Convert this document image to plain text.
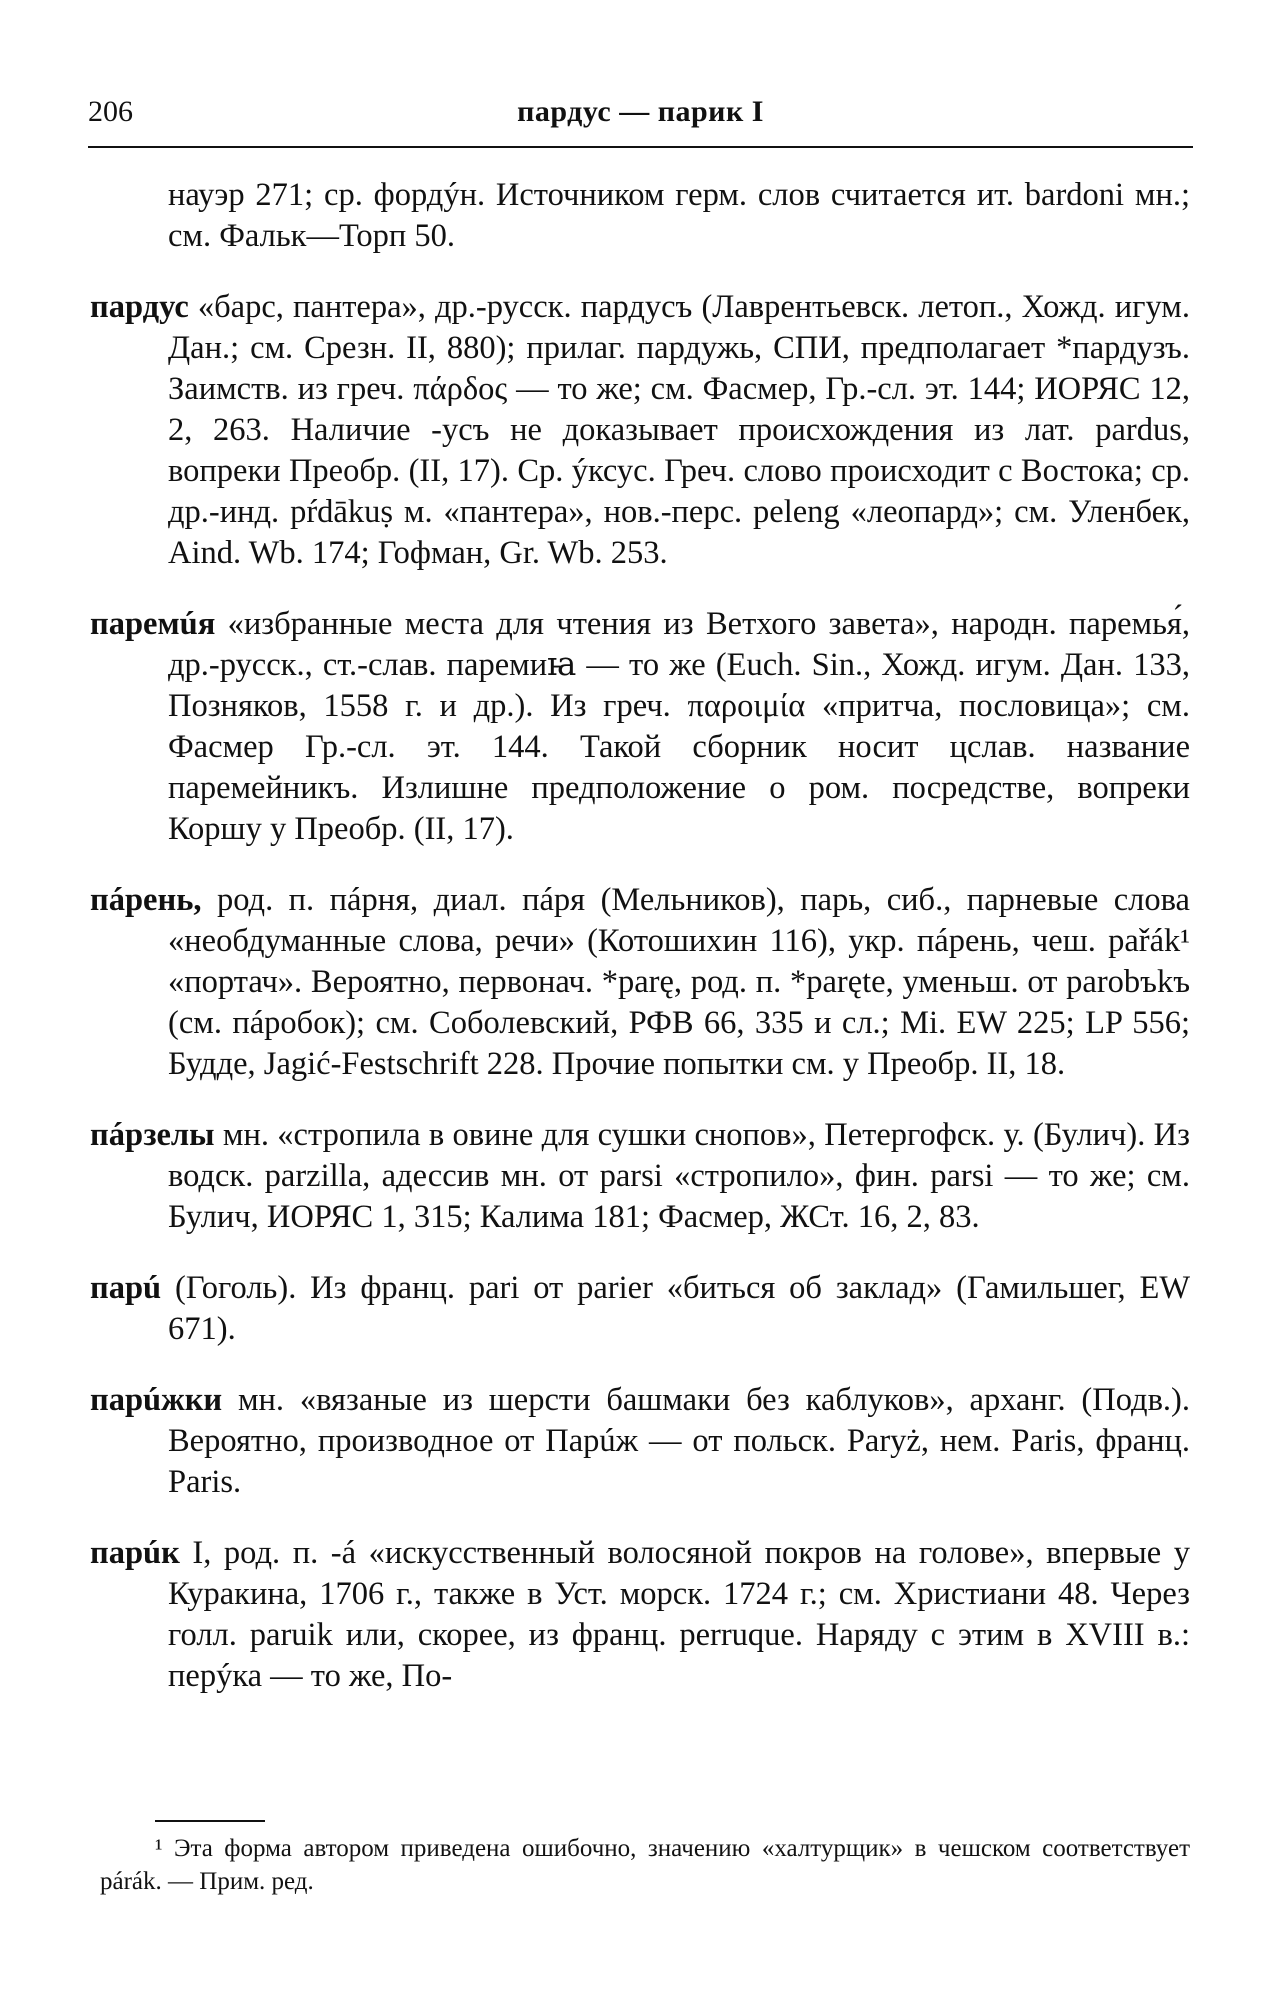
206	пардус — парик I

науэр 271; ср. фордýн. Источником герм. слов считается ит. bardoni мн.; см. Фальк—Торп 50.

пардус «барс, пантера», др.-русск. пардусъ (Лаврентьевск. летоп., Хожд. игум. Дан.; см. Срезн. II, 880); прилаг. пардужь, СПИ, предполагает *пардузъ. Заимств. из греч. πάρδος — то же; см. Фасмер, Гр.-сл. эт. 144; ИОРЯС 12, 2, 263. Наличие -усъ не доказывает происхождения из лат. pardus, вопреки Преобр. (II, 17). Ср. ýксус. Греч. слово происходит с Востока; ср. др.-инд. pŕdākuṣ м. «пантера», нов.-перс. peleng «леопард»; см. Уленбек, Aind. Wb. 174; Гофман, Gr. Wb. 253.

паремúя «избранные места для чтения из Ветхого завета», народн. паремья́, др.-русск., ст.-слав. паремиꙗ — то же (Euch. Sin., Хожд. игум. Дан. 133, Позняков, 1558 г. и др.). Из греч. παροιμία «притча, пословица»; см. Фасмер Гр.-сл. эт. 144. Такой сборник носит цслав. название паремейникъ. Излишне предположение о ром. посредстве, вопреки Коршу у Преобр. (II, 17).

пáрень, род. п. пáрня, диал. пáря (Мельников), парь, сиб., парневые слова «необдуманные слова, речи» (Котошихин 116), укр. пáрень, чеш. pařák¹ «портач». Вероятно, первонач. *parę, род. п. *parętе, уменьш. от parobъkъ (см. пáробок); см. Соболевский, РФВ 66, 335 и сл.; Mi. EW 225; LP 556; Будде, Jagić-Festschrift 228. Прочие попытки см. у Преобр. II, 18.

пáрзелы мн. «стропила в овине для сушки снопов», Петергофск. у. (Булич). Из водск. parzilla, адессив мн. от parsi «стропило», фин. parsi — то же; см. Булич, ИОРЯС 1, 315; Калима 181; Фасмер, ЖСт. 16, 2, 83.

парú (Гоголь). Из франц. pari от parier «биться об заклад» (Гамильшег, EW 671).

парúжки мн. «вязаные из шерсти башмаки без каблуков», арханг. (Подв.). Вероятно, производное от Парúж — от польск. Paryż, нем. Paris, франц. Paris.

парúк I, род. п. -á «искусственный волосяной покров на голове», впервые у Куракина, 1706 г., также в Уст. морск. 1724 г.; см. Христиани 48. Через голл. paruik или, скорее, из франц. perruque. Наряду с этим в XVIII в.: перýка — то же, По-

¹ Эта форма автором приведена ошибочно, значению «халтурщик» в чешском соответствует párák. — Прим. ред.
